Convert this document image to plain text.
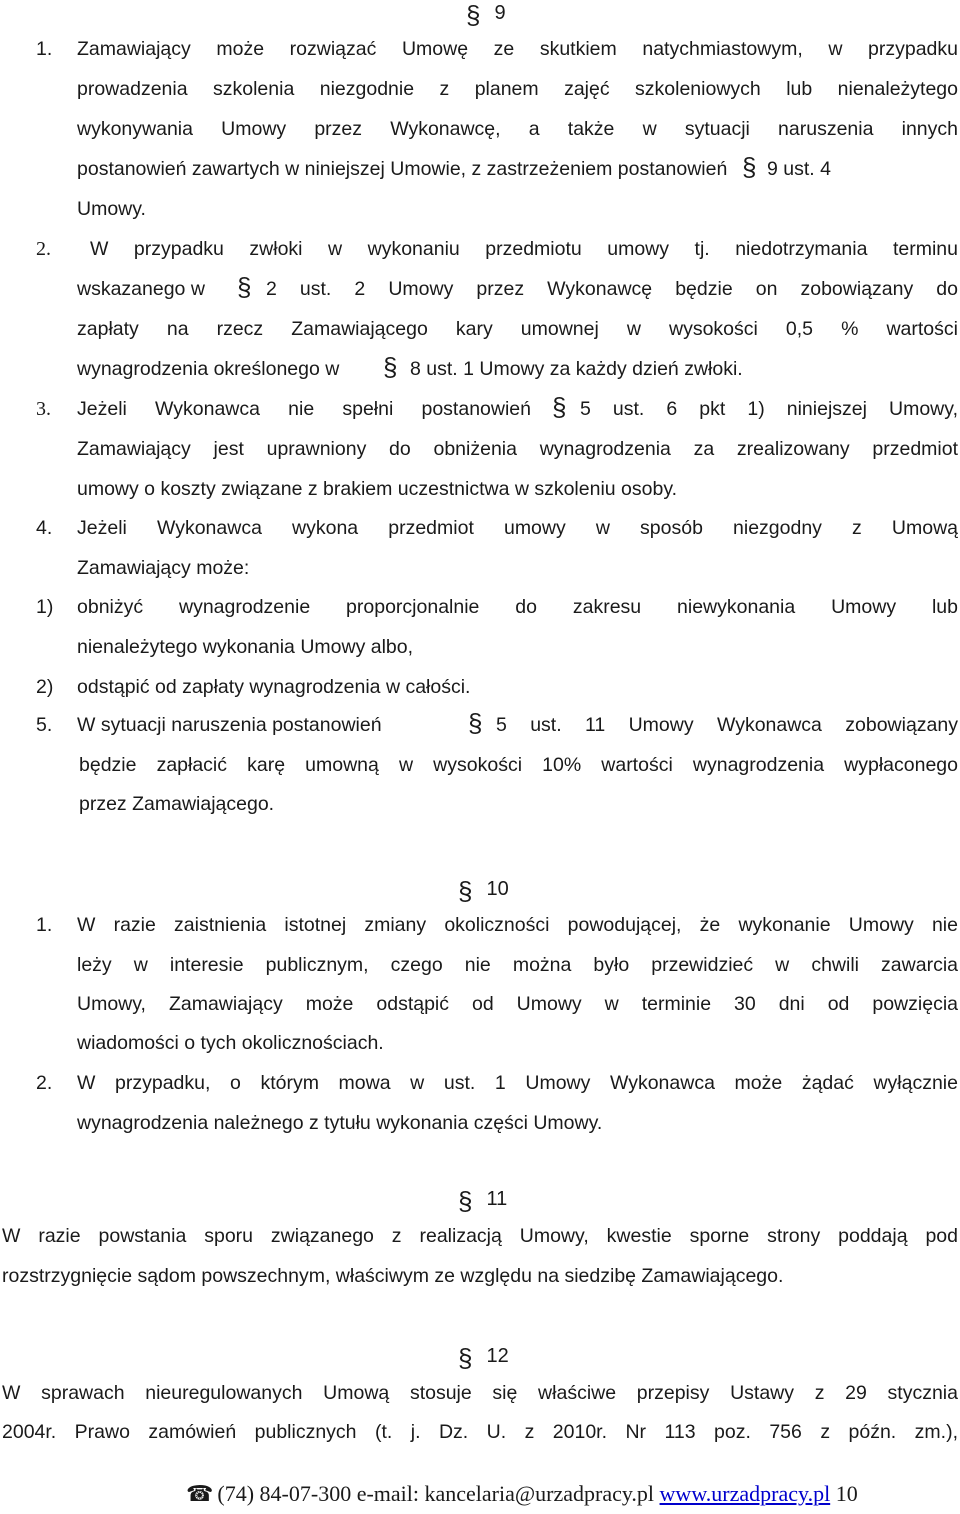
§ 9
1. Zamawiający może rozwiązać Umowę ze skutkiem natychmiastowym, w przypadku
prowadzenia szkolenia niezgodnie z planem zajęć szkoleniowych lub nienależytego
wykonywania Umowy przez Wykonawcę, a także w sytuacji naruszenia innych
postanowień zawartych w niniejszej Umowie, z zastrzeżeniem postanowień § 9 ust. 4
Umowy.
2. W przypadku zwłoki w wykonaniu przedmiotu umowy tj. niedotrzymania terminu
wskazanego w § 2 ust. 2 Umowy przez Wykonawcę będzie on zobowiązany do
zapłaty na rzecz Zamawiającego kary umownej w wysokości 0,5 % wartości
wynagrodzenia określonego w § 8 ust. 1 Umowy za każdy dzień zwłoki.
3. Jeżeli Wykonawca nie spełni postanowień § 5 ust. 6 pkt 1) niniejszej Umowy,
Zamawiający jest uprawniony do obniżenia wynagrodzenia za zrealizowany przedmiot
umowy o koszty związane z brakiem uczestnictwa w szkoleniu osoby.
4. Jeżeli Wykonawca wykona przedmiot umowy w sposób niezgodny z Umową
Zamawiający może:
1) obniżyć wynagrodzenie proporcjonalnie do zakresu niewykonania Umowy lub
nienależytego wykonania Umowy albo,
2) odstąpić od zapłaty wynagrodzenia w całości.
5. W sytuacji naruszenia postanowień	§ 5 ust. 11 Umowy Wykonawca zobowiązany
będzie zapłacić karę umowną w wysokości 10% wartości wynagrodzenia wypłaconego
przez Zamawiającego.
§ 10
1. W razie zaistnienia istotnej zmiany okoliczności powodującej, że wykonanie Umowy nie
leży w interesie publicznym, czego nie można było przewidzieć w chwili zawarcia
Umowy, Zamawiający może odstąpić od Umowy w terminie 30 dni od powzięcia
wiadomości o tych okolicznościach.
2. W przypadku, o którym mowa w ust. 1 Umowy Wykonawca może żądać wyłącznie
wynagrodzenia należnego z tytułu wykonania części Umowy.
§ 11
W razie powstania sporu związanego z realizacją Umowy, kwestie sporne strony poddają pod
rozstrzygnięcie sądom powszechnym, właściwym ze względu na siedzibę Zamawiającego.
§ 12
W sprawach nieuregulowanych Umową stosuje się właściwe przepisy Ustawy z 29 stycznia
2004r. Prawo zamówień publicznych (t. j. Dz. U. z 2010r. Nr 113 poz. 756 z późn. zm.),
☎ (74) 84-07-300 e-mail: kancelaria@urzadpracy.pl www.urzadpracy.pl 10
